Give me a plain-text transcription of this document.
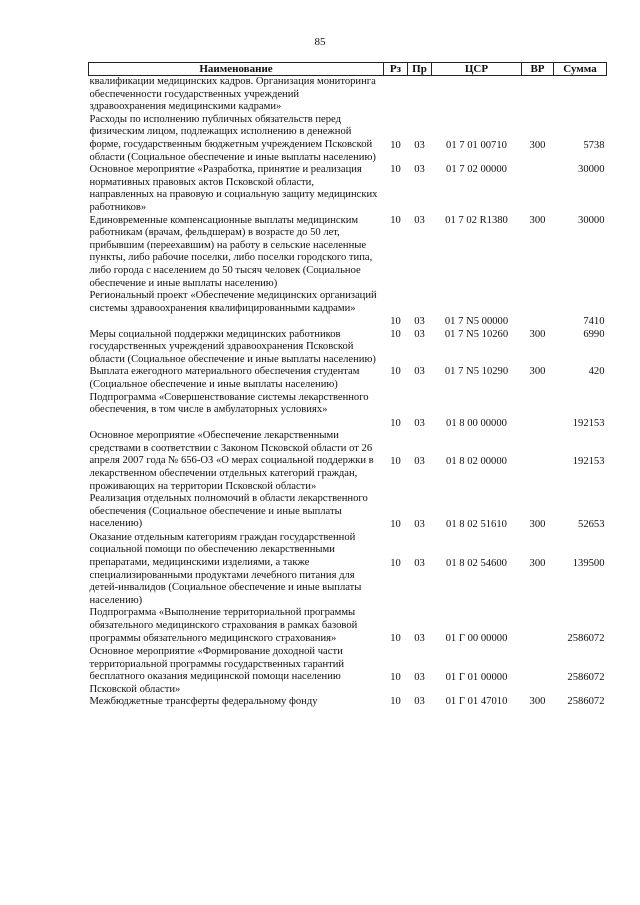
85
Наименование	Рз	Пр	ЦСР	ВР	Сумма
квалификации медицинских кадров. Организация мониторинга обеспеченности государственных учреждений здравоохранения медицинскими кадрами»					
Расходы по исполнению публичных обязательств перед физическим лицом, подлежащих исполнению в денежной форме, государственным бюджетным учреждением Псковской области (Социальное обеспечение и иные выплаты населению)	10	03	01 7 01 00710	300	5738
Основное мероприятие «Разработка, принятие и реализация нормативных правовых актов Псковской области, направленных на правовую и социальную защиту медицинских работников»	10	03	01 7 02 00000		30000
Единовременные компенсационные выплаты медицинским работникам (врачам, фельдшерам) в возрасте до 50 лет, прибывшим (переехавшим) на работу в сельские населенные пункты, либо рабочие поселки, либо поселки городского типа, либо города с населением до 50 тысяч человек (Социальное обеспечение и иные выплаты населению)	10	03	01 7 02 R1380	300	30000
Региональный проект «Обеспечение медицинских организаций системы здравоохранения квалифицированными кадрами»	10	03	01 7 N5 00000		7410
Меры социальной поддержки медицинских работников государственных учреждений здравоохранения Псковской области (Социальное обеспечение и иные выплаты населению)	10	03	01 7 N5 10260	300	6990
Выплата ежегодного материального обеспечения студентам (Социальное обеспечение и иные выплаты населению)	10	03	01 7 N5 10290	300	420
Подпрограмма «Совершенствование системы лекарственного обеспечения, в том числе в амбулаторных условиях»	10	03	01 8 00 00000		192153
Основное мероприятие «Обеспечение лекарственными средствами в соответствии с Законом Псковской области от 26 апреля 2007 года № 656-ОЗ «О мерах социальной поддержки в лекарственном обеспечении отдельных категорий граждан, проживающих на территории Псковской области»	10	03	01 8 02 00000		192153
Реализация отдельных полномочий в области лекарственного обеспечения (Социальное обеспечение и иные выплаты населению)	10	03	01 8 02 51610	300	52653
Оказание отдельным категориям граждан государственной социальной помощи по обеспечению лекарственными препаратами, медицинскими изделиями, а также специализированными продуктами лечебного питания для детей-инвалидов (Социальное обеспечение и иные выплаты населению)	10	03	01 8 02 54600	300	139500
Подпрограмма «Выполнение территориальной программы обязательного медицинского страхования в рамках базовой программы обязательного медицинского страхования»	10	03	01 Г 00 00000		2586072
Основное мероприятие «Формирование доходной части территориальной программы государственных гарантий бесплатного оказания медицинской помощи населению Псковской области»	10	03	01 Г 01 00000		2586072
Межбюджетные трансферты федеральному фонду	10	03	01 Г 01 47010	300	2586072
